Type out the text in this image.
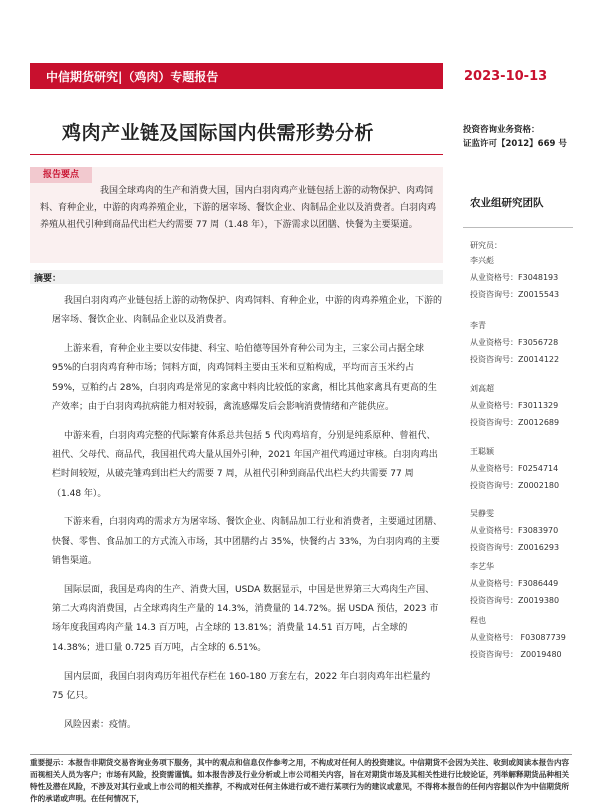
中信期货研究|（鸡肉）专题报告	2023-10-13
鸡肉产业链及国际国内供需形势分析	投资咨询业务资格：
证监许可【2012】669 号
报告要点
我国全球鸡肉的生产和消费大国，国内白羽肉鸡产业链包括上游的动物保护、肉鸡饲料、育种企业，中游的肉鸡养殖企业，下游的屠宰场、餐饮企业、肉制品企业以及消费者。白羽肉鸡养殖从祖代引种到商品代出栏大约需要 77 周（1.48 年），下游需求以团膳、快餐为主要渠道。
摘要：

我国白羽肉鸡产业链包括上游的动物保护、肉鸡饲料、育种企业，中游的肉鸡养殖企业，下游的屠宰场、餐饮企业、肉制品企业以及消费者。

上游来看，育种企业主要以安伟捷、科宝、哈伯德等国外育种公司为主，三家公司占据全球 95%的白羽肉鸡育种市场；饲料方面，肉鸡饲料主要由玉米和豆粕构成，平均而言玉米约占 59%，豆粕约占 28%，白羽肉鸡是常见的家禽中料肉比较低的家禽，相比其他家禽具有更高的生产效率；由于白羽肉鸡抗病能力相对较弱，禽流感爆发后会影响消费情绪和产能供应。

中游来看，白羽肉鸡完整的代际繁育体系总共包括 5 代肉鸡培育，分别是纯系原种、曾祖代、祖代、父母代、商品代，我国祖代鸡大量从国外引种，2021 年国产祖代鸡通过审核。白羽肉鸡出栏时间较短，从破壳雏鸡到出栏大约需要 7 周，从祖代引种到商品代出栏大约共需要 77 周（1.48 年）。

下游来看，白羽肉鸡的需求方为屠宰场、餐饮企业、肉制品加工行业和消费者，主要通过团膳、快餐、零售、食品加工的方式流入市场，其中团膳约占 35%，快餐约占 33%，为白羽肉鸡的主要销售渠道。

国际层面，我国是鸡肉的生产、消费大国，USDA 数据显示，中国是世界第三大鸡肉生产国、第二大鸡肉消费国，占全球鸡肉生产量的 14.3%，消费量的 14.72%。据 USDA 预估，2023 市场年度我国鸡肉产量 14.3 百万吨，占全球的 13.81%；消费量 14.51 百万吨，占全球的 14.38%；进口量 0.725 百万吨，占全球的 6.51%。

国内层面，我国白羽肉鸡历年祖代存栏在 160-180 万套左右，2022 年白羽肉鸡年出栏量约 75 亿只。

风险因素：疫情。

农业组研究团队
研究员：
李兴彪
从业资格号：F3048193
投资咨询号：Z0015543
李青
从业资格号：F3056728
投资咨询号：Z0014122
刘高超
从业资格号：F3011329
投资咨询号：Z0012689
王聪颖
从业资格号：F0254714
投资咨询号：Z0002180
吴静雯
从业资格号：F3083970
投资咨询号：Z0016293
李艺华
从业资格号：F3086449
投资咨询号：Z0019380
程也
从业资格号： F03087739
投资咨询号： Z0019480
重要提示：本报告非期货交易咨询业务项下服务，其中的观点和信息仅作参考之用，不构成对任何人的投资建议。中信期货不会因为关注、收到或阅读本报告内容而视相关人员为客户；市场有风险，投资需谨慎。如本报告涉及行业分析或上市公司相关内容，旨在对期货市场及其相关性进行比较论证，列举解释期货品种相关特性及潜在风险，不涉及对其行业或上市公司的相关推荐，不构成对任何主体进行或不进行某项行为的建议或意见，不得将本报告的任何内容据以作为中信期货所作的承诺或声明。在任何情况下，
